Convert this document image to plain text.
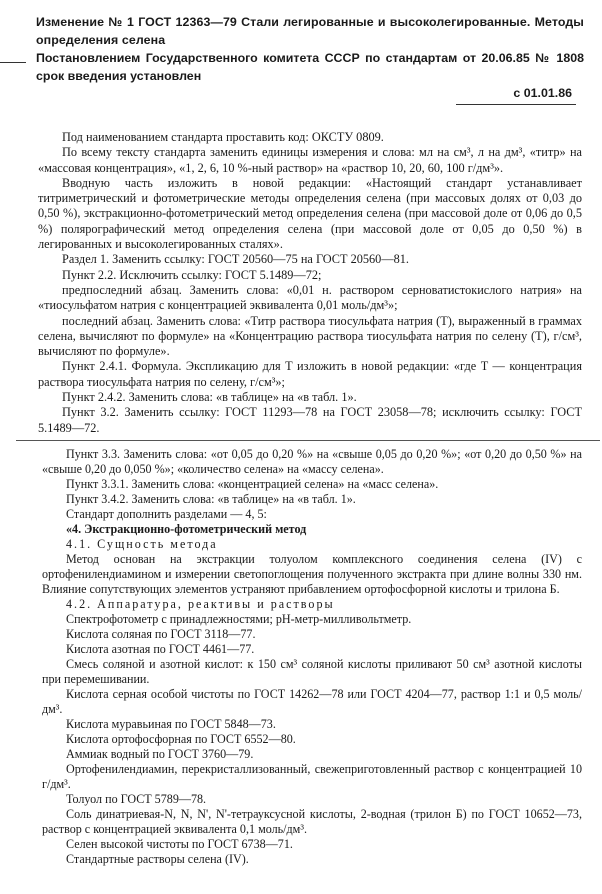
Изменение № 1 ГОСТ 12363—79 Стали легированные и высоколегированные. Методы определения селена
Постановлением Государственного комитета СССР по стандартам от 20.06.85 № 1808 срок введения установлен
с 01.01.86

Под наименованием стандарта проставить код: ОКСТУ 0809.

По всему тексту стандарта заменить единицы измерения и слова: мл на см³, л на дм³, «титр» на «массовая концентрация», «1, 2, 6, 10 %-ный раствор» на «раствор 10, 20, 60, 100 г/дм³».

Вводную часть изложить в новой редакции: «Настоящий стандарт устанавливает титриметрический и фотометрические методы определения селена (при массовых долях от 0,03 до 0,50 %), экстракционно-фотометрический метод определения селена (при массовой доле от 0,06 до 0,5 %) полярографический метод определения селена (при массовой доле от 0,05 до 0,50 %) в легированных и высоколегированных сталях».

Раздел 1. Заменить ссылку: ГОСТ 20560—75 на ГОСТ 20560—81.

Пункт 2.2. Исключить ссылку: ГОСТ 5.1489—72;

предпоследний абзац. Заменить слова: «0,01 н. раствором серноватистокислого натрия» на «тиосульфатом натрия с концентрацией эквивалента 0,01 моль/дм³»;

последний абзац. Заменить слова: «Титр раствора тиосульфата натрия (T), выраженный в граммах селена, вычисляют по формуле» на «Концентрацию раствора тиосульфата натрия по селену (T), г/см³, вычисляют по формуле».

Пункт 2.4.1. Формула. Экспликацию для T изложить в новой редакции: «где T — концентрация раствора тиосульфата натрия по селену, г/см³»;

Пункт 2.4.2. Заменить слова: «в таблице» на «в табл. 1».

Пункт 3.2. Заменить ссылку: ГОСТ 11293—78 на ГОСТ 23058—78; исключить ссылку: ГОСТ 5.1489—72.

Пункт 3.3. Заменить слова: «от 0,05 до 0,20 %» на «свыше 0,05 до 0,20 %»; «от 0,20 до 0,50 %» на «свыше 0,20 до 0,050 %»; «количество селена» на «массу селена».

Пункт 3.3.1. Заменить слова: «концентрацией селена» на «масс селена».

Пункт 3.4.2. Заменить слова: «в таблице» на «в табл. 1».

Стандарт дополнить разделами — 4, 5:

«4. Экстракционно-фотометрический метод

4.1. Сущность метода

Метод основан на экстракции толуолом комплексного соединения селена (IV) с ортофенилендиамином и измерении светопоглощения полученного экстракта при длине волны 330 нм. Влияние сопутствующих элементов устраняют прибавлением ортофосфорной кислоты и трилона Б.

4.2. Аппаратура, реактивы и растворы

Спектрофотометр с принадлежностями; pH-метр-милливольтметр.

Кислота соляная по ГОСТ 3118—77.

Кислота азотная по ГОСТ 4461—77.

Смесь соляной и азотной кислот: к 150 см³ соляной кислоты приливают 50 см³ азотной кислоты при перемешивании.

Кислота серная особой чистоты по ГОСТ 14262—78 или ГОСТ 4204—77, раствор 1:1 и 0,5 моль/дм³.

Кислота муравьиная по ГОСТ 5848—73.

Кислота ортофосфорная по ГОСТ 6552—80.

Аммиак водный по ГОСТ 3760—79.

Ортофенилендиамин, перекристаллизованный, свежеприготовленный раствор с концентрацией 10 г/дм³.

Толуол по ГОСТ 5789—78.

Соль динатриевая-N, N, N', N'-тетрауксусной кислоты, 2-водная (трилон Б) по ГОСТ 10652—73, раствор с концентрацией эквивалента 0,1 моль/дм³.

Селен высокой чистоты по ГОСТ 6738—71.

Стандартные растворы селена (IV).
